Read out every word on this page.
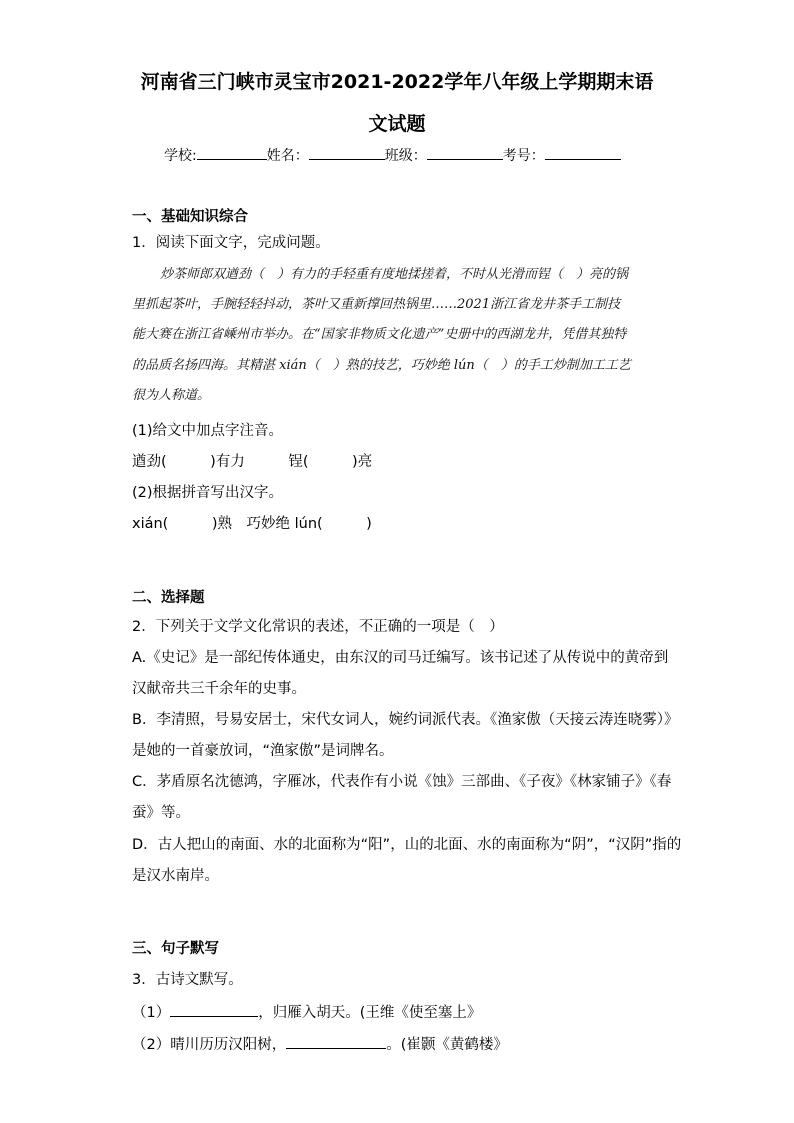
河南省三门峡市灵宝市2021-2022学年八年级上学期期末语
文试题
学校:	姓名：	班级：	考号：
一、基础知识综合
1．阅读下面文字，完成问题。
炒茶师郎双遒劲（　）有力的手轻重有度地揉搓着，不时从光滑而锃（　）亮的锅
里抓起茶叶，手腕轻轻抖动，茶叶又重新撑回热锅里……2021浙江省龙井茶手工制技
能大赛在浙江省嵊州市举办。在“国家非物质文化遗产”史册中的西湖龙井，凭借其独特
的品质名扬四海。其精湛 xián（　）熟的技艺，巧妙绝 lún（　）的手工炒制加工工艺
很为人称道。
(1)给文中加点字注音。
遒劲(　　　)有力　　　锃(　　　)亮
(2)根据拼音写出汉字。
xián(　　　)熟　巧妙绝 lún(　　　)
二、选择题
2．下列关于文学文化常识的表述，不正确的一项是（　）
A.《史记》是一部纪传体通史，由东汉的司马迁编写。该书记述了从传说中的黄帝到
汉献帝共三千余年的史事。
B．李清照，号易安居士，宋代女词人，婉约词派代表。《渔家傲（天接云涛连晓雾）》
是她的一首豪放词，“渔家傲”是词牌名。
C．茅盾原名沈德鸿，字雁冰，代表作有小说《蚀》三部曲、《子夜》《林家铺子》《春
蚕》等。
D．古人把山的南面、水的北面称为“阳”，山的北面、水的南面称为“阴”，“汉阴”指的
是汉水南岸。
三、句子默写
3．古诗文默写。
（1）	，归雁入胡天。(王维《使至塞上》
（2）晴川历历汉阳树，	。(崔颢《黄鹤楼》
